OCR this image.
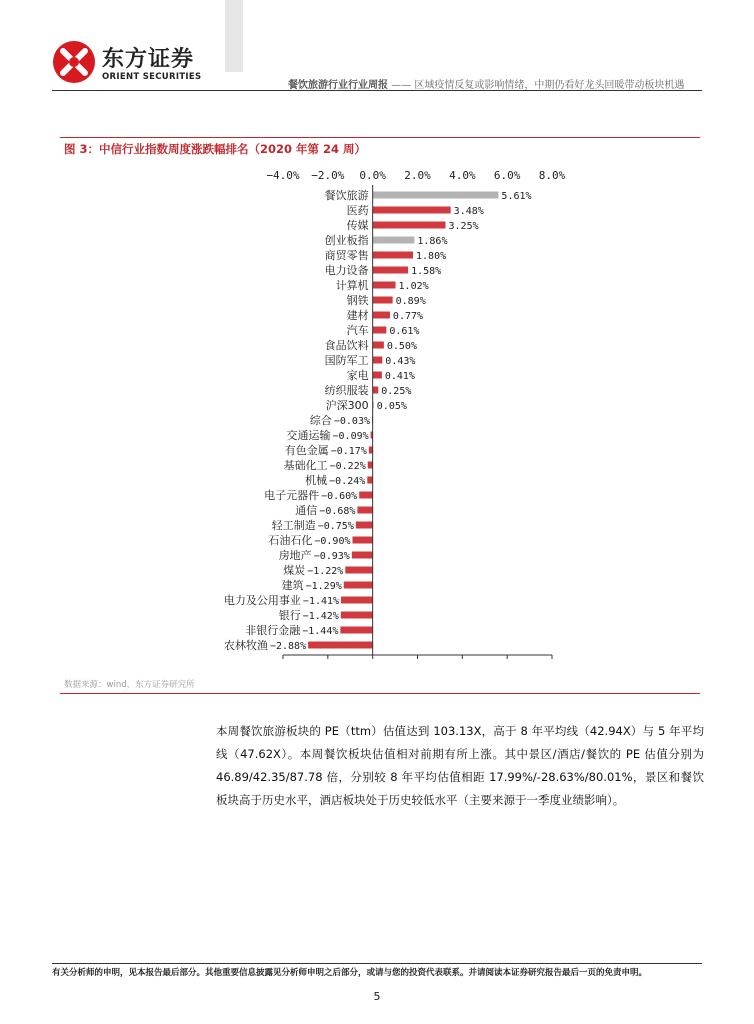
东方证券
ORIENT SECURITIES
餐饮旅游行业行业周报 —— 区域疫情反复或影响情绪，中期仍看好龙头回暖带动板块机遇
图 3：中信行业指数周度涨跌幅排名（2020 年第 24 周）
−4.0% −2.0% 0.0% 2.0% 4.0% 6.0% 8.0%
餐饮旅游	5.61%
医药	3.48%
传媒	3.25%
创业板指	1.86%
商贸零售	1.80%
电力设备	1.58%
计算机	1.02%
钢铁	0.89%
建材 0.77%
汽车 0.61%
食品饮料 0.50%
国防军工 0.43%
家电 0.41%
纺织服装 0.25%
沪深300 0.05%
综合 −0.03%
交通运输 −0.09%
有色金属 −0.17%
基础化工 −0.22%
机械 −0.24%
电子元器件 −0.60%
通信 −0.68%
轻工制造 −0.75%
石油石化 −0.90%
房地产 −0.93%
煤炭 −1.22%
建筑 −1.29%
电力及公用事业 −1.41%
银行 −1.42%
非银行金融 −1.44%
农林牧渔 −2.88%
数据来源：wind，东方证券研究所

本周餐饮旅游板块的 PE（ttm）估值达到 103.13X，高于 8 年平均线（42.94X）与 5 年平均线（47.62X）。本周餐饮板块估值相对前期有所上涨。其中景区/酒店/餐饮的 PE 估值分别为 46.89/42.35/87.78 倍，分别较 8 年平均估值相距 17.99%/-28.63%/80.01%，景区和餐饮板块高于历史水平，酒店板块处于历史较低水平（主要来源于一季度业绩影响）。

有关分析师的申明，见本报告最后部分。其他重要信息披露见分析师申明之后部分，或请与您的投资代表联系。并请阅读本证券研究报告最后一页的免责申明。
5
